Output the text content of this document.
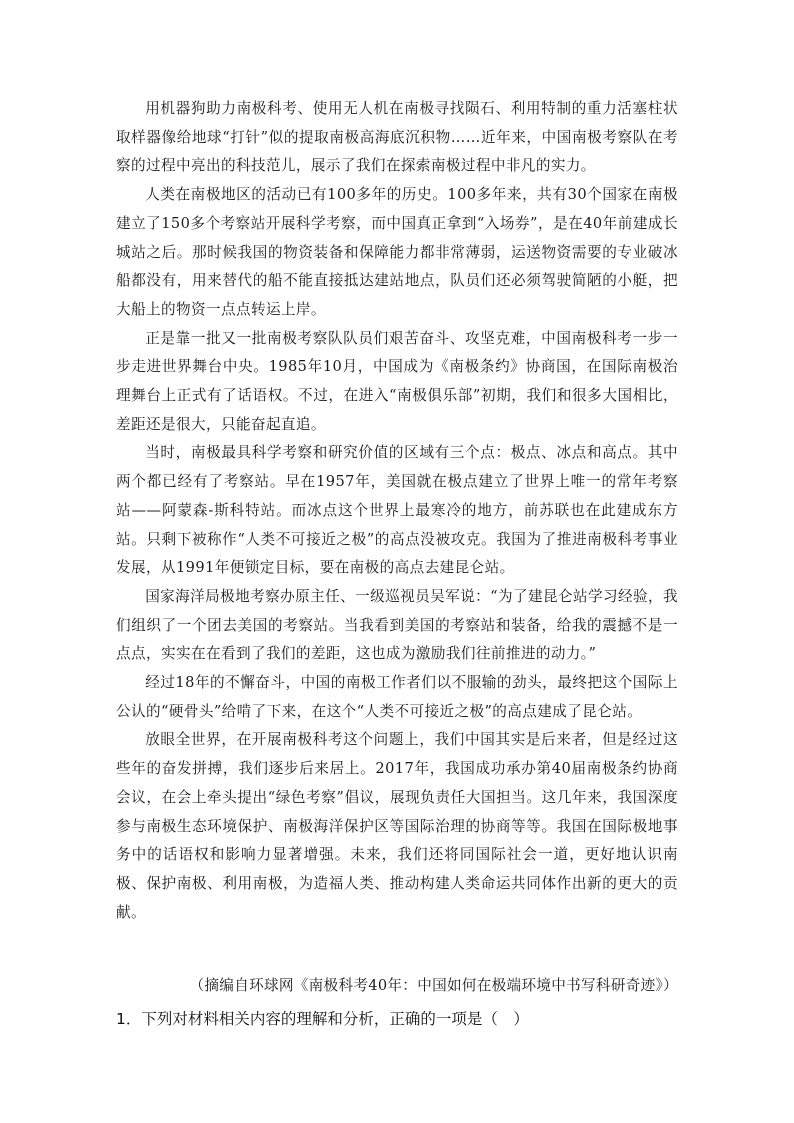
用机器狗助力南极科考、使用无人机在南极寻找陨石、利用特制的重力活塞柱状取样器像给地球“打针”似的提取南极高海底沉积物……近年来，中国南极考察队在考察的过程中亮出的科技范儿，展示了我们在探索南极过程中非凡的实力。

人类在南极地区的活动已有100多年的历史。100多年来，共有30个国家在南极建立了150多个考察站开展科学考察，而中国真正拿到“入场券”，是在40年前建成长城站之后。那时候我国的物资装备和保障能力都非常薄弱，运送物资需要的专业破冰船都没有，用来替代的船不能直接抵达建站地点，队员们还必须驾驶简陋的小艇，把大船上的物资一点点转运上岸。

正是靠一批又一批南极考察队队员们艰苦奋斗、攻坚克难，中国南极科考一步一步走进世界舞台中央。1985年10月，中国成为《南极条约》协商国，在国际南极治理舞台上正式有了话语权。不过，在进入“南极俱乐部”初期，我们和很多大国相比，差距还是很大，只能奋起直追。

当时，南极最具科学考察和研究价值的区域有三个点：极点、冰点和高点。其中两个都已经有了考察站。早在1957年，美国就在极点建立了世界上唯一的常年考察站——阿蒙森-斯科特站。而冰点这个世界上最寒冷的地方，前苏联也在此建成东方站。只剩下被称作“人类不可接近之极”的高点没被攻克。我国为了推进南极科考事业发展，从1991年便锁定目标，要在南极的高点去建昆仑站。

国家海洋局极地考察办原主任、一级巡视员吴军说：“为了建昆仑站学习经验，我们组织了一个团去美国的考察站。当我看到美国的考察站和装备，给我的震撼不是一点点，实实在在看到了我们的差距，这也成为激励我们往前推进的动力。”

经过18年的不懈奋斗，中国的南极工作者们以不服输的劲头，最终把这个国际上公认的“硬骨头”给啃了下来，在这个“人类不可接近之极”的高点建成了昆仑站。

放眼全世界，在开展南极科考这个问题上，我们中国其实是后来者，但是经过这些年的奋发拼搏，我们逐步后来居上。2017年，我国成功承办第40届南极条约协商会议，在会上牵头提出“绿色考察”倡议，展现负责任大国担当。这几年来，我国深度参与南极生态环境保护、南极海洋保护区等国际治理的协商等等。我国在国际极地事务中的话语权和影响力显著增强。未来，我们还将同国际社会一道，更好地认识南极、保护南极、利用南极，为造福人类、推动构建人类命运共同体作出新的更大的贡献。

（摘编自环球网《南极科考40年：中国如何在极端环境中书写科研奇迹》）

1．下列对材料相关内容的理解和分析，正确的一项是（　）
